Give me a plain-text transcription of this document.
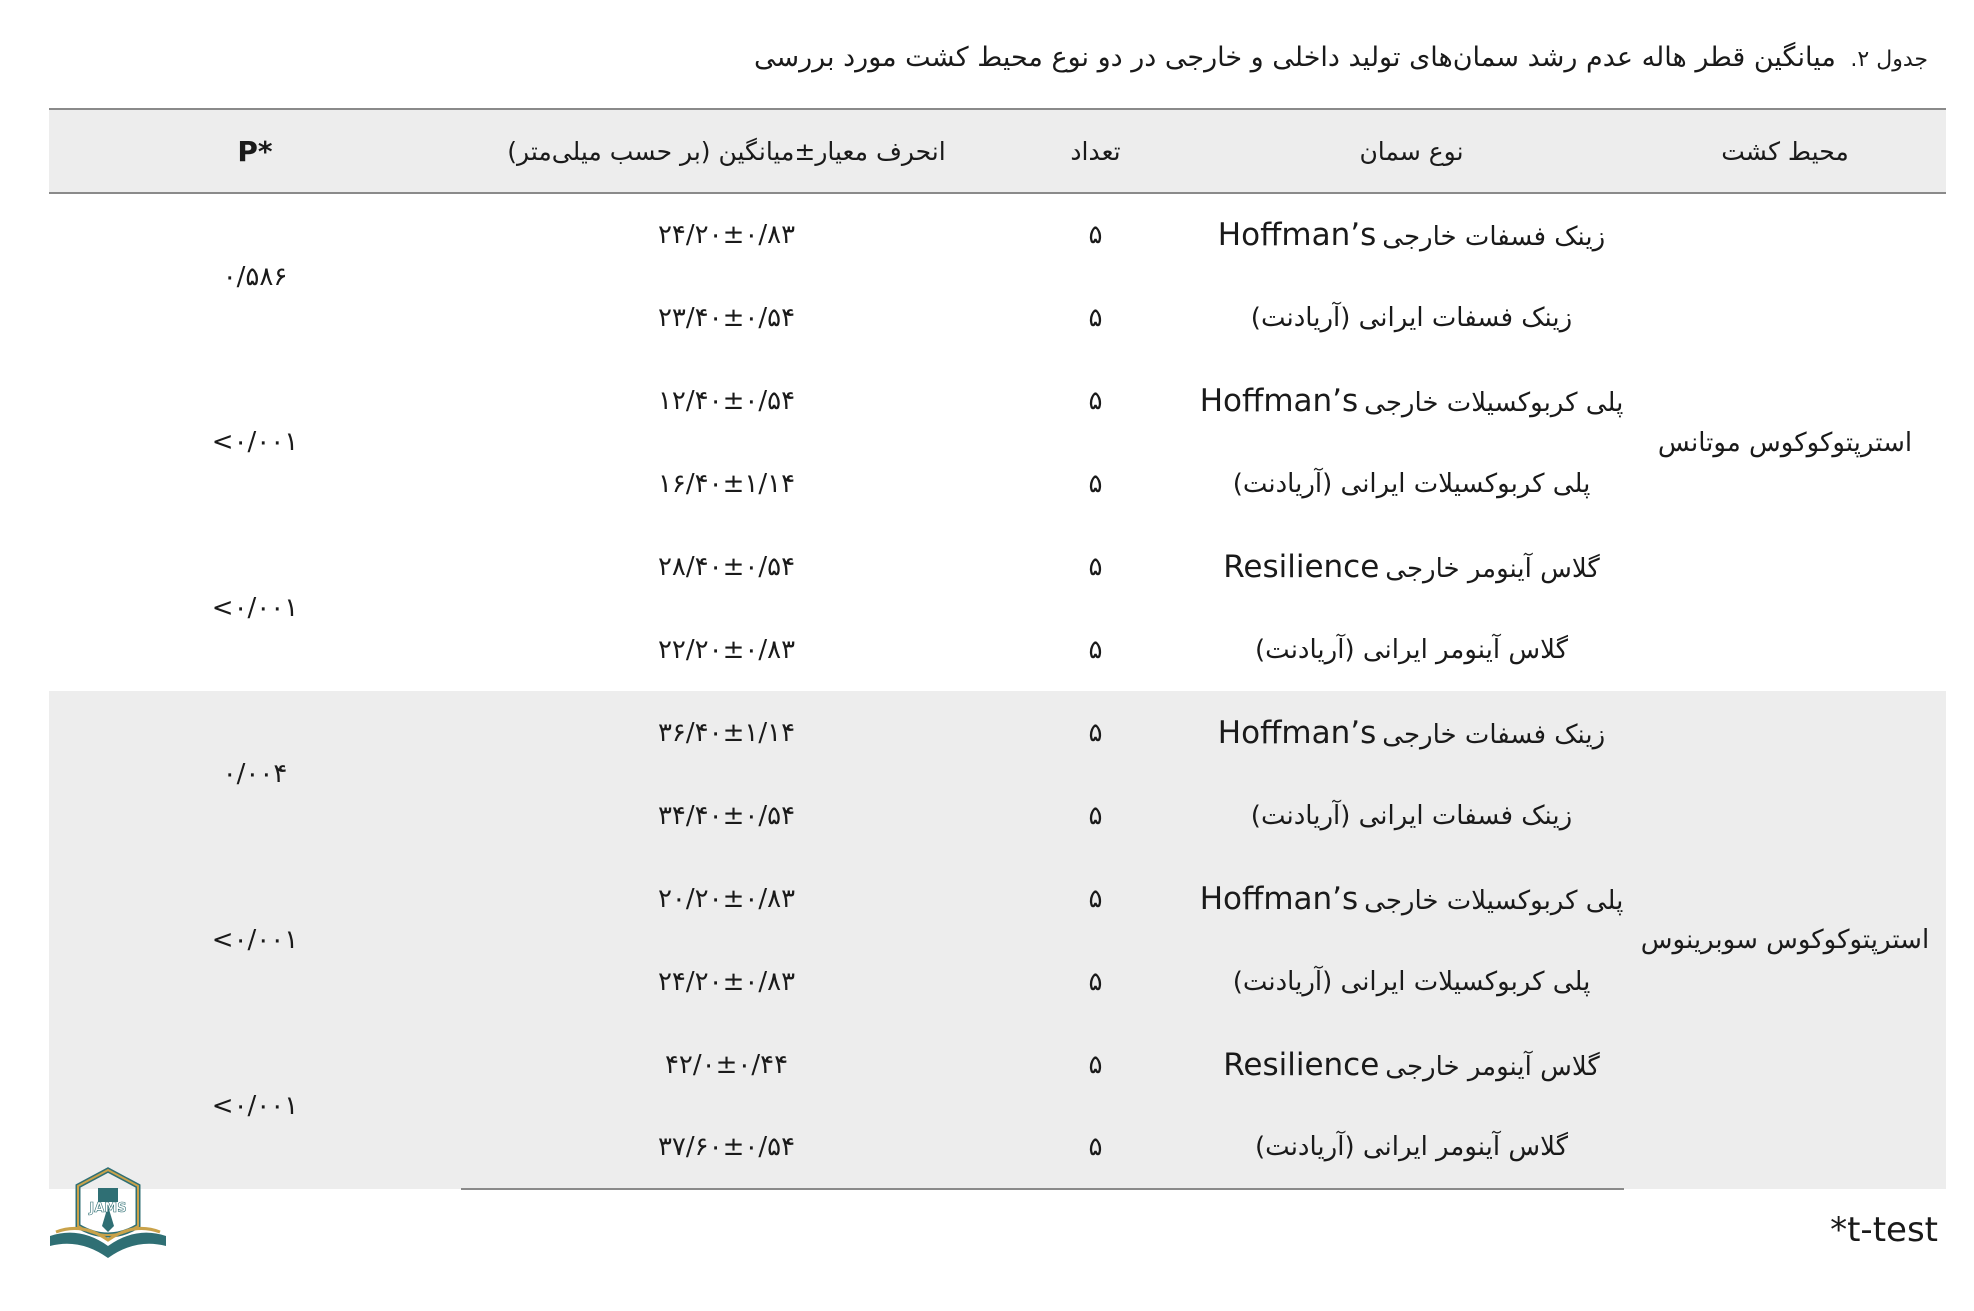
جدول ۲. میانگین قطر هاله عدم رشد سمان‌های تولید داخلی و خارجی در دو نوع محیط کشت مورد بررسی
محیط کشت	نوع سمان	تعداد	انحرف معیار±میانگین (بر حسب میلی‌متر)	P*
استرپتوکوکوس موتانس	زینک فسفات خارجیHoffman’s	۵	۲۴/۲۰±۰/۸۳	۰/۵۸۶
	زینک فسفات ایرانی (آریادنت)	۵	۲۳/۴۰±۰/۵۴	
	پلی کربوکسیلات خارجیHoffman’s	۵	۱۲/۴۰±۰/۵۴	<۰/۰۰۱
	پلی کربوکسیلات ایرانی (آریادنت)	۵	۱۶/۴۰±۱/۱۴	
	گلاس آینومر خارجیResilience	۵	۲۸/۴۰±۰/۵۴	<۰/۰۰۱
	گلاس آینومر ایرانی (آریادنت)	۵	۲۲/۲۰±۰/۸۳	
استرپتوکوکوس سوبرینوس	زینک فسفات خارجیHoffman’s	۵	۳۶/۴۰±۱/۱۴	۰/۰۰۴
	زینک فسفات ایرانی (آریادنت)	۵	۳۴/۴۰±۰/۵۴	
	پلی کربوکسیلات خارجیHoffman’s	۵	۲۰/۲۰±۰/۸۳	<۰/۰۰۱
	پلی کربوکسیلات ایرانی (آریادنت)	۵	۲۴/۲۰±۰/۸۳	
	گلاس آینومر خارجیResilience	۵	۴۲/۰±۰/۴۴	<۰/۰۰۱
	گلاس آینومر ایرانی (آریادنت)	۵	۳۷/۶۰±۰/۵۴	
*t-test
JAMS
